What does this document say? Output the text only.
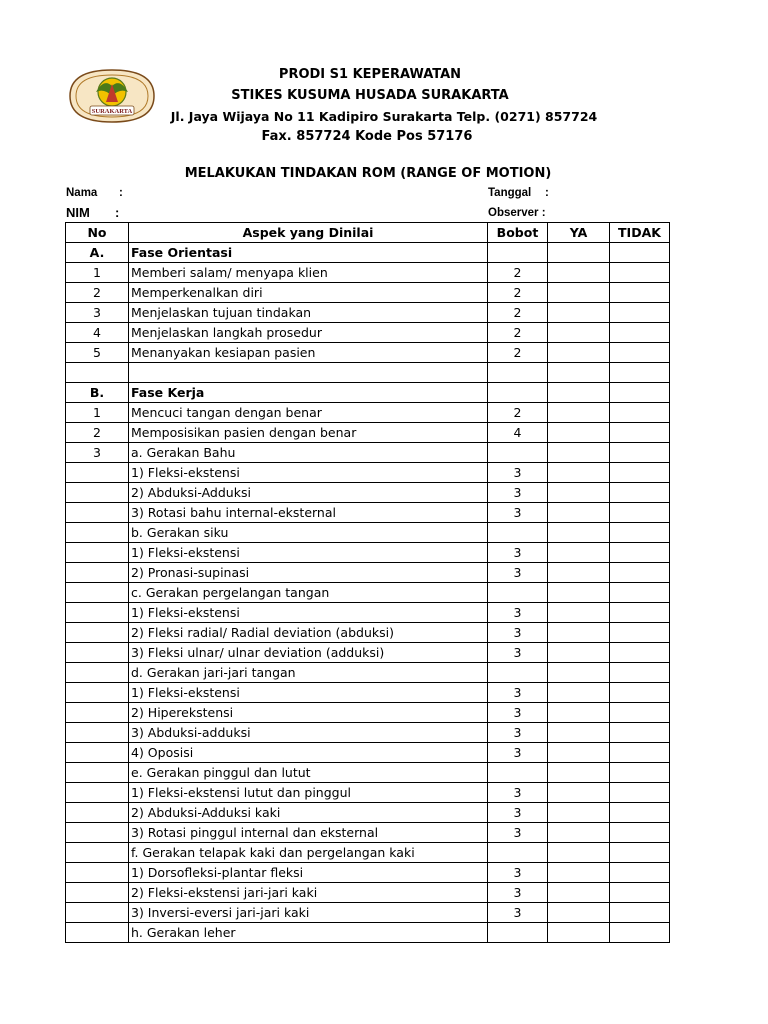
SURAKARTA
PRODI S1 KEPERAWATAN
STIKES KUSUMA HUSADA SURAKARTA
Jl. Jaya Wijaya No 11 Kadipiro Surakarta Telp. (0271) 857724
Fax. 857724 Kode Pos 57176
MELAKUKAN TINDAKAN ROM (RANGE OF MOTION)
Nama :
NIM :
Tanggal :
Observer :
No	Aspek yang Dinilai	Bobot	YA	TIDAK
A.	Fase Orientasi			
1	Memberi salam/ menyapa klien	2		
2	Memperkenalkan diri	2		
3	Menjelaskan tujuan tindakan	2		
4	Menjelaskan langkah prosedur	2		
5	Menanyakan kesiapan pasien	2		

B.	Fase Kerja			
1	Mencuci tangan dengan benar	2		
2	Memposisikan pasien dengan benar	4		
3	a. Gerakan Bahu			
	1) Fleksi-ekstensi	3		
	2) Abduksi-Adduksi	3		
	3) Rotasi bahu internal-eksternal	3		
	b. Gerakan siku			
	1) Fleksi-ekstensi	3		
	2) Pronasi-supinasi	3		
	c. Gerakan pergelangan tangan			
	1) Fleksi-ekstensi	3		
	2) Fleksi radial/ Radial deviation (abduksi)	3		
	3) Fleksi ulnar/ ulnar deviation (adduksi)	3		
	d. Gerakan jari-jari tangan			
	1) Fleksi-ekstensi	3		
	2) Hiperekstensi	3		
	3) Abduksi-adduksi	3		
	4) Oposisi	3		
	e. Gerakan pinggul dan lutut			
	1) Fleksi-ekstensi lutut dan pinggul	3		
	2) Abduksi-Adduksi kaki	3		
	3) Rotasi pinggul internal dan eksternal	3		
	f. Gerakan telapak kaki dan pergelangan kaki			
	1) Dorsofleksi-plantar fleksi	3		
	2) Fleksi-ekstensi jari-jari kaki	3		
	3) Inversi-eversi jari-jari kaki	3		
	h. Gerakan leher			
